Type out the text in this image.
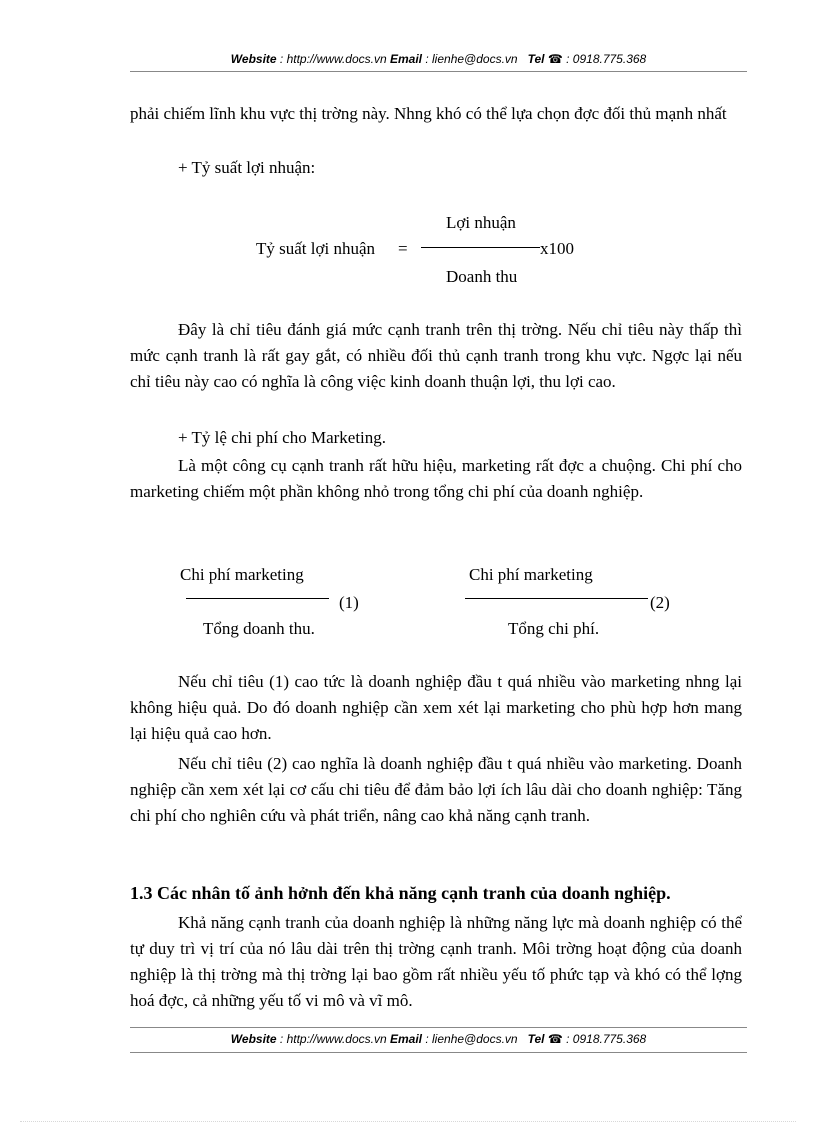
Website : http://www.docs.vn Email : lienhe@docs.vn Tel ☎ : 0918.775.368

phải chiếm lĩnh khu vực thị trờng này. Nhng khó có thể lựa chọn đợc đối thủ mạnh nhất

+ Tỷ suất lợi nhuận:

Lợi nhuận
Tỷ suất lợi nhuận =	x100
Doanh thu

Đây là chỉ tiêu đánh giá mức cạnh tranh trên thị trờng. Nếu chỉ tiêu này thấp thì mức cạnh tranh là rất gay gắt, có nhiều đối thủ cạnh tranh trong khu vực. Ngợc lại nếu chỉ tiêu này cao có nghĩa là công việc kinh doanh thuận lợi, thu lợi cao.

+ Tỷ lệ chi phí cho Marketing.

Là một công cụ cạnh tranh rất hữu hiệu, marketing rất đợc a chuộng. Chi phí cho marketing chiếm một phần không nhỏ trong tổng chi phí của doanh nghiệp.

Chi phí marketing
(1)
Tổng doanh thu.
Chi phí marketing
(2)
Tổng chi phí.

Nếu chỉ tiêu (1) cao tức là doanh nghiệp đầu t quá nhiều vào marketing nhng lại không hiệu quả. Do đó doanh nghiệp cần xem xét lại marketing cho phù hợp hơn mang lại hiệu quả cao hơn.

Nếu chỉ tiêu (2) cao nghĩa là doanh nghiệp đầu t quá nhiều vào marketing. Doanh nghiệp cần xem xét lại cơ cấu chi tiêu để đảm bảo lợi ích lâu dài cho doanh nghiệp: Tăng chi phí cho nghiên cứu và phát triển, nâng cao khả năng cạnh tranh.

1.3 Các nhân tố ảnh hởnh đến khả năng cạnh tranh của doanh nghiệp.

Khả năng cạnh tranh của doanh nghiệp là những năng lực mà doanh nghiệp có thể tự duy trì vị trí của nó lâu dài trên thị trờng cạnh tranh. Môi trờng hoạt động của doanh nghiệp là thị trờng mà thị trờng lại bao gồm rất nhiều yếu tố phức tạp và khó có thể lợng hoá đợc, cả những yếu tố vi mô và vĩ mô.

Website : http://www.docs.vn Email : lienhe@docs.vn Tel ☎ : 0918.775.368
